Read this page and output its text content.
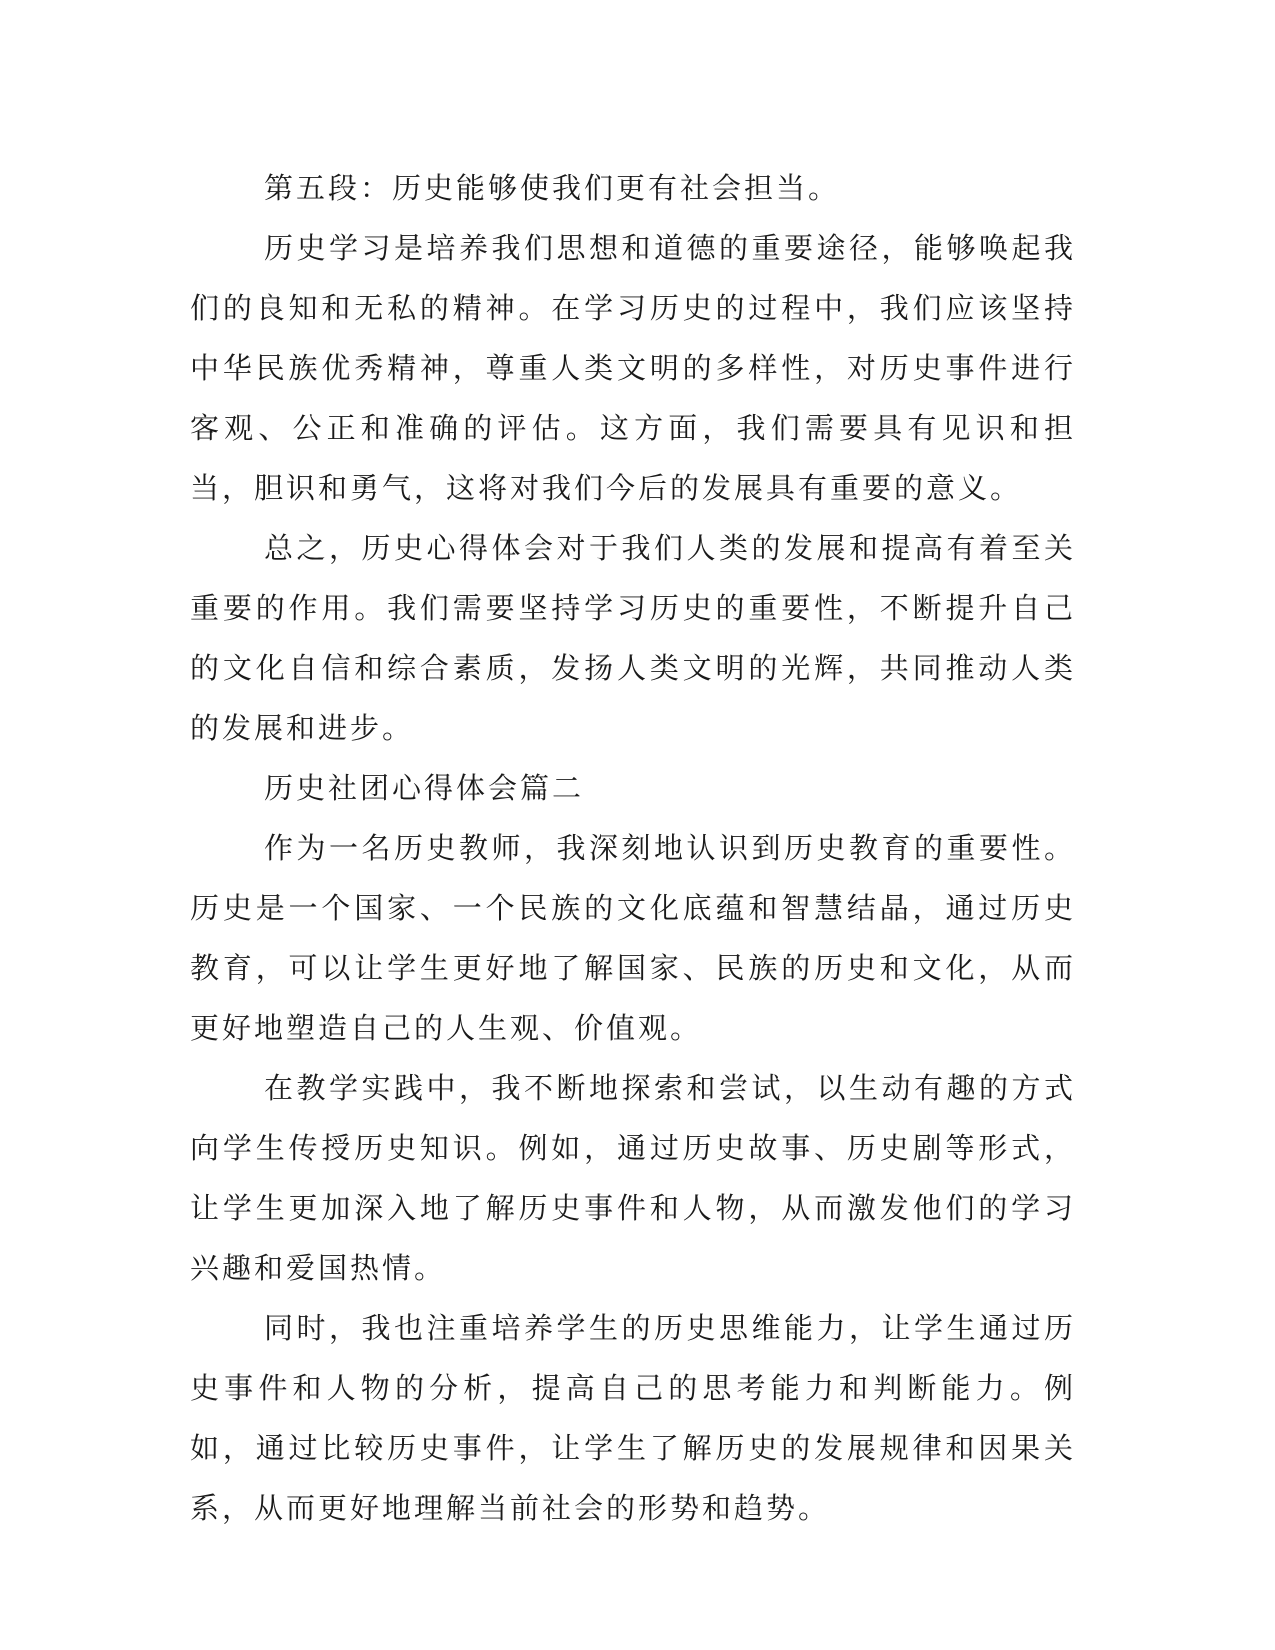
第五段：历史能够使我们更有社会担当。

历史学习是培养我们思想和道德的重要途径，能够唤起我们的良知和无私的精神。在学习历史的过程中，我们应该坚持中华民族优秀精神，尊重人类文明的多样性，对历史事件进行客观、公正和准确的评估。这方面，我们需要具有见识和担当，胆识和勇气，这将对我们今后的发展具有重要的意义。

总之，历史心得体会对于我们人类的发展和提高有着至关重要的作用。我们需要坚持学习历史的重要性，不断提升自己的文化自信和综合素质，发扬人类文明的光辉，共同推动人类的发展和进步。

历史社团心得体会篇二

作为一名历史教师，我深刻地认识到历史教育的重要性。历史是一个国家、一个民族的文化底蕴和智慧结晶，通过历史教育，可以让学生更好地了解国家、民族的历史和文化，从而更好地塑造自己的人生观、价值观。

在教学实践中，我不断地探索和尝试，以生动有趣的方式向学生传授历史知识。例如，通过历史故事、历史剧等形式，让学生更加深入地了解历史事件和人物，从而激发他们的学习兴趣和爱国热情。

同时，我也注重培养学生的历史思维能力，让学生通过历史事件和人物的分析，提高自己的思考能力和判断能力。例如，通过比较历史事件，让学生了解历史的发展规律和因果关系，从而更好地理解当前社会的形势和趋势。
